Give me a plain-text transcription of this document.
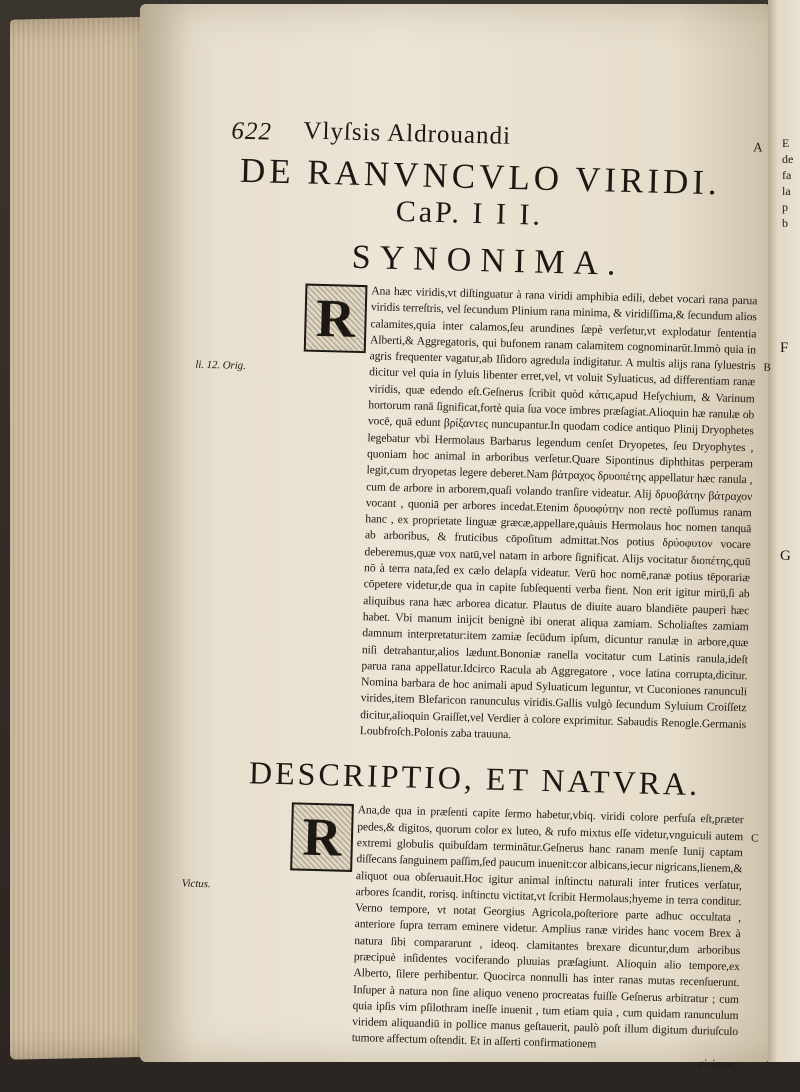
E
de
fa
la
p
b
F
G
622 Vlyſsis Aldrouandi	A
DE RANVNCVLO VIRIDI.
CaP. I I I.
SYNONIMA.
R
li. 12. Orig.	B

Ana hæc viridis,vt diſtinguatur à rana viridi amphibia edili, debet vocari rana parua viridis terreſtris, vel ſecundum Plinium rana minima, & viridiſſima,& ſecundum alios calamites,quia inter calamos,ſeu arundines ſæpè verſetur,vt explodatur ſententia Alberti,& Aggregatoris, qui bufonem ranam calamitem cognominarūt.Immò quia in agris frequenter vagatur,ab Iſidoro agredula indigitatur. A multis alijs rana ſyluestris dicitur vel quia in ſyluis libenter erret,vel, vt voluit Syluaticus, ad differentiam ranæ viridis, quæ edendo eſt.Geſnerus ſcribit quòd κάτις,apud Heſychium, & Varinum hortorum ranā ſignificat,fortè quia ſua voce imbres præſagiat.Alioquin hæ ranulæ ob vocē, quā edunt βρίξαντες nuncupantur.In quodam codice antiquo Plinij Dryophetes legebatur vbi Hermolaus Barbarus legendum cenſet Dryopetes, ſeu Dryophytes , quoniam hoc animal in arboribus verſetur.Quare Sipontinus diphthitas perperam legit,cum dryopetas legere deberet.Nam βάτραχος δρυοπέτης appellatur hæc ranula , cum de arbore in arborem,quaſi volando tranſire videatur. Alij δρυοβάτην βάτραχον vocant , quoniā per arbores incedat.Etenim δρυοφύτην non rectè poſſumus ranam hanc , ex proprietate linguæ græcæ,appellare,quàuis Hermolaus hoc nomen tanquā ab arboribus, & fruticibus cōpoſitum admittat.Nos potius δρύοφυτον vocare deberemus,quæ vox natū,vel natam in arbore ſignificat. Alijs vocitatur διοπέτης,quū nō à terra nata,ſed ex cælo delapſa videatur. Verū hoc nomē,ranæ potius tēporariæ cōpetere videtur,de qua in capite ſubſequenti verba fient. Non erit igitur mirū,ſi ab aliquibus rana hæc arborea dicatur. Plautus de diuite auaro blandiēte pauperi hæc habet. Vbi manum inijcit benignè ibi onerat aliqua zamiam. Scholiaſtes zamiam damnum interpretatur:item zamiæ ſecūdum ipſum, dicuntur ranulæ in arbore,quæ niſi detrahantur,alios lædunt.Bononiæ ranella vocitatur cum Latinis ranula,ideſt parua rana appellatur.Idcirco Racula ab Aggregatore , voce latina corrupta,dicitur. Nomina barbara de hoc animali apud Syluaticum leguntur, vt Cuconiones ranunculi virides,item Blefaricon ranunculus viridis.Gallis vulgò ſecundum Syluium Croiſſetz dicitur,alioquin Graiſſet,vel Verdier à colore exprimitur. Sabaudis Renogle.Germanis Loubfroſch.Polonis zaba trauuna.

DESCRIPTIO, ET NATVRA.
R
Victus.
C

Ana,de qua in præſenti capite ſermo habetur,vbiq. viridi colore perfuſa eſt,præter pedes,& digitos, quorum color ex luteo, & rufo mixtus eſſe videtur,vnguiculi autem extremi globulis quibuſdam terminātur.Geſnerus hanc ranam menſe Iunij captam diſſecans ſanguinem paſſim,ſed paucum inuenit:cor albicans,iecur nigricans,lienem,& aliquot oua obſeruauit.Hoc igitur animal inſtinctu naturali inter frutices verſatur, arbores ſcandit, rorisq. inſtinctu victitat,vt ſcribit Hermolaus;hyeme in terra conditur. Verno tempore, vt notat Georgius Agricola,poſteriore parte adhuc occultata , anteriore ſupra terram eminere videtur. Amplius ranæ virides hanc vocem Brex à natura ſibi compararunt , ideoq. clamitantes brexare dicuntur,dum arboribus præcipuè inſidentes vociferando pluuias præſagiunt. Alioquin alio tempore,ex Alberto, ſilere perhibentur. Quocirca nonnulli has inter ranas mutas recenſuerunt. Inſuper à natura non ſine aliquo veneno procreatas fuiſſe Geſnerus arbitratur ; cum quia ipſis vim pſilothram ineſſe inuenit , tum etiam quia , cum quidam ranunculum viridem aliquandiū in pollice manus geſtauerit, paulò poſt illum digitum duriuſculo tumore affectum oſtendit. Et in aſſerti confirmationem

cicimus,
